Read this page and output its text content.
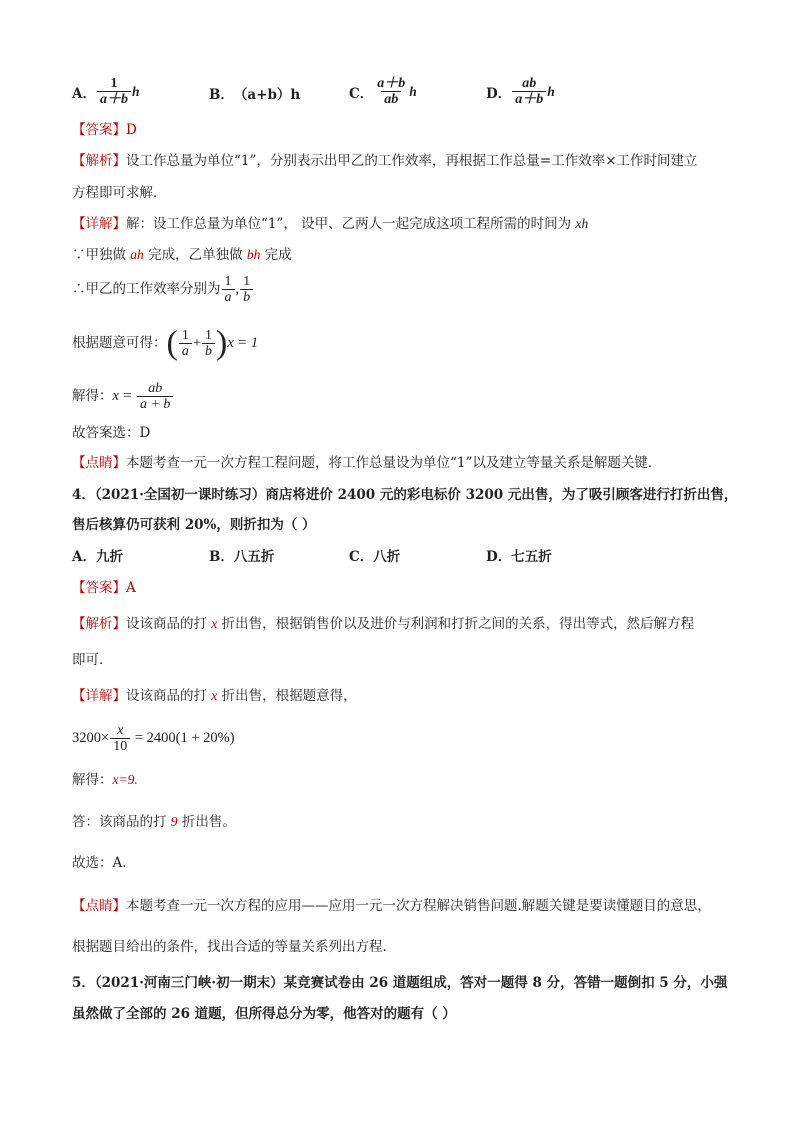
A． $\frac{1}{a+b}$ h	B． （a+b）h	C． $\frac{a+b}{ab}$ h	D． $\frac{ab}{a+b}$ h
【答案】D
【解析】设工作总量为单位“1”，分别表示出甲乙的工作效率，再根据工作总量=工作效率×工作时间建立
方程即可求解．
【详解】解：设工作总量为单位“1”， 设甲、乙两人一起完成这项工程所需的时间为 xh
∵甲独做 ah 完成，乙单独做 bh 完成
∴甲乙的工作效率分别为 $\frac{1}{a}$ , $\frac{1}{b}$
根据题意可得：( $\frac{1}{a} + \frac{1}{b} )x = 1$
解得：$x = \frac{ab}{a + b}$
故答案选：D
【点睛】本题考查一元一次方程工程问题，将工作总量设为单位“1”以及建立等量关系是解题关键．
4．（2021·全国初一课时练习）商店将进价 2400 元的彩电标价 3200 元出售，为了吸引顾客进行打折出售，
售后核算仍可获利 20%，则折扣为（ ）
A．九折	B．八五折	C．八折	D．七五折
【答案】A
【解析】设该商品的打 x 折出售，根据销售价以及进价与利润和打折之间的关系，得出等式，然后解方程
即可．
【详解】设该商品的打 x 折出售，根据题意得，
$3200\times \frac{x}{10} = 2400(1 + 20\%)$
解得：x=9.
答：该商品的打 9 折出售。
故选：A.
【点睛】本题考查一元一次方程的应用——应用一元一次方程解决销售问题.解题关键是要读懂题目的意思，
根据题目给出的条件，找出合适的等量关系列出方程.
5．（2021·河南三门峡·初一期末）某竞赛试卷由 26 道题组成，答对一题得 8 分，答错一题倒扣 5 分，小强
虽然做了全部的 26 道题，但所得总分为零，他答对的题有（ ）
